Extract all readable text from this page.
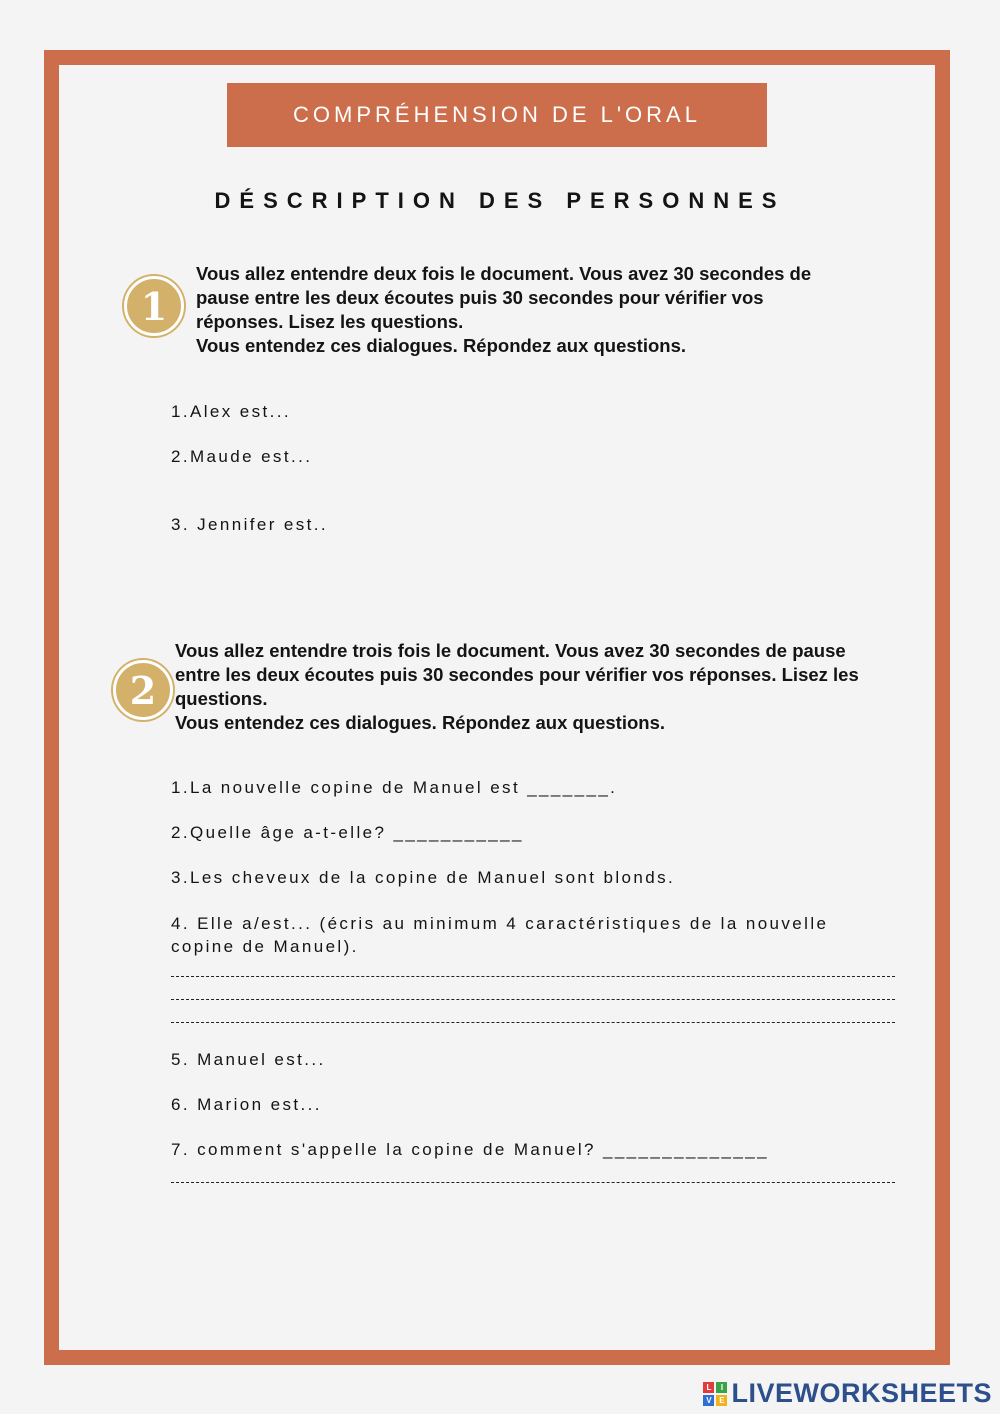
COMPRÉHENSION DE L'ORAL
DÉSCRIPTION DES PERSONNES
1

Vous allez entendre deux fois le document. Vous avez 30 secondes de pause entre les deux écoutes puis 30 secondes pour vérifier vos réponses. Lisez les questions.

Vous entendez ces dialogues. Répondez aux questions.

1.Alex est...
2.Maude est...
3. Jennifer est..
2

Vous allez entendre trois fois le document. Vous avez 30 secondes de pause entre les deux écoutes puis 30 secondes pour vérifier vos réponses. Lisez les questions.

Vous entendez ces dialogues. Répondez aux questions.

1.La nouvelle copine de Manuel est _______.
2.Quelle âge a-t-elle? ___________
3.Les cheveux de la copine de Manuel sont blonds.
4. Elle a/est... (écris au minimum 4 caractéristiques de la nouvelle copine de Manuel).
5. Manuel est...
6. Marion est...
7. comment s'appelle la copine de Manuel? ______________
L	I
V E LIVEWORKSHEETS
